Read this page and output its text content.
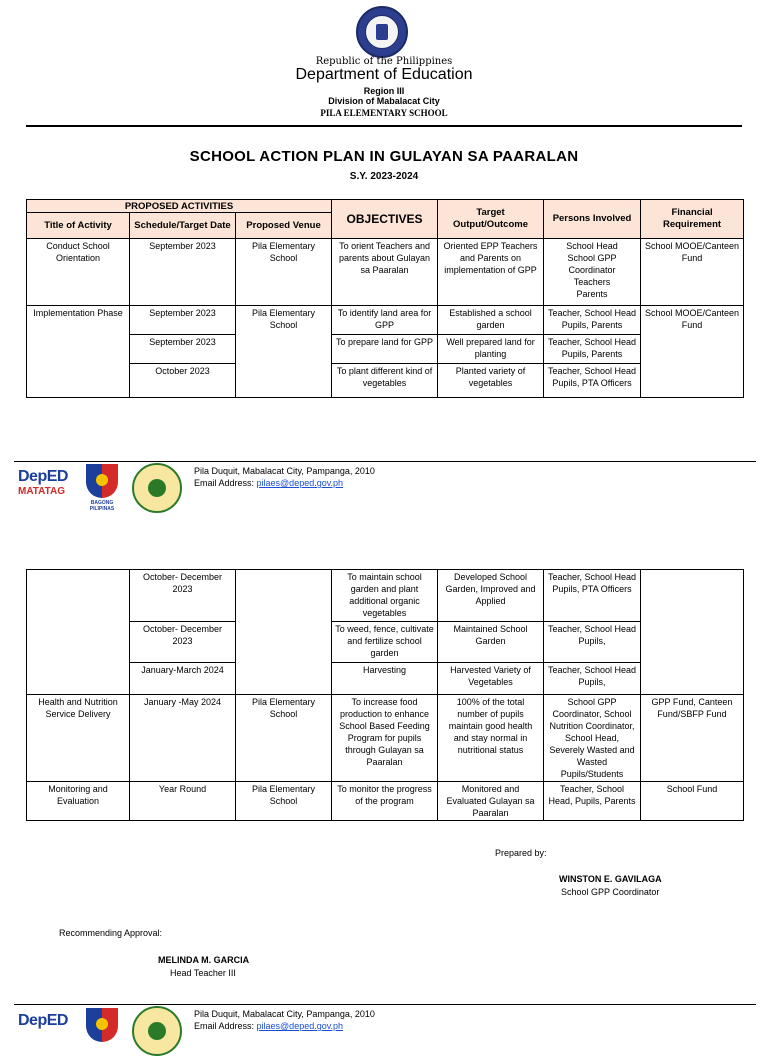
Republic of the Philippines
Department of Education
Region III
Division of Mabalacat City
PILA ELEMENTARY SCHOOL
SCHOOL ACTION PLAN IN GULAYAN SA PAARALAN
S.Y. 2023-2024
PROPOSED ACTIVITIES			OBJECTIVES	Target Output/Outcome	Persons Involved	Financial Requirement
Title of Activity	Schedule/Target Date	Proposed Venue				
Conduct School Orientation	September 2023	Pila Elementary School	To orient Teachers and parents about Gulayan sa Paaralan	Oriented EPP Teachers and Parents on implementation of GPP	School Head
School GPP Coordinator
Teachers
Parents	School MOOE/Canteen Fund
Implementation Phase	September 2023	Pila Elementary School	To identify land area for GPP	Established a school garden	Teacher, School Head Pupils, Parents	School MOOE/Canteen Fund
	September 2023		To prepare land for GPP	Well prepared land for planting	Teacher, School Head Pupils, Parents	
	October 2023		To plant different kind of vegetables	Planted variety of vegetables	Teacher, School Head Pupils, PTA Officers	
DepED
MATATAG
BAGONG PILIPINAS
Pila Duquit, Mabalacat City, Pampanga, 2010
Email Address: pilaes@deped.gov.ph
	October- December 2023		To maintain school garden and plant additional organic vegetables	Developed School Garden, Improved and Applied	Teacher, School Head Pupils, PTA Officers	
	October- December 2023		To weed, fence, cultivate and fertilize school garden	Maintained School Garden	Teacher, School Head Pupils,	
	January-March 2024		Harvesting	Harvested Variety of Vegetables	Teacher, School Head Pupils,	
Health and Nutrition Service Delivery	January -May 2024	Pila Elementary School	To increase food production to enhance School Based Feeding Program for pupils through Gulayan sa Paaralan	100% of the total number of pupils maintain good health and stay normal in nutritional status	School GPP Coordinator, School Nutrition Coordinator, School Head, Severely Wasted and Wasted Pupils/Students	GPP Fund, Canteen Fund/SBFP Fund
Monitoring and Evaluation	Year Round	Pila Elementary School	To monitor the progress of the program	Monitored and Evaluated Gulayan sa Paaralan	Teacher, School Head, Pupils, Parents	School Fund
Prepared by:
WINSTON E. GAVILAGA
School GPP Coordinator
Recommending Approval:
MELINDA M. GARCIA
Head Teacher III
DepED	Pila Duquit, Mabalacat City, Pampanga, 2010
Email Address: pilaes@deped.gov.ph
